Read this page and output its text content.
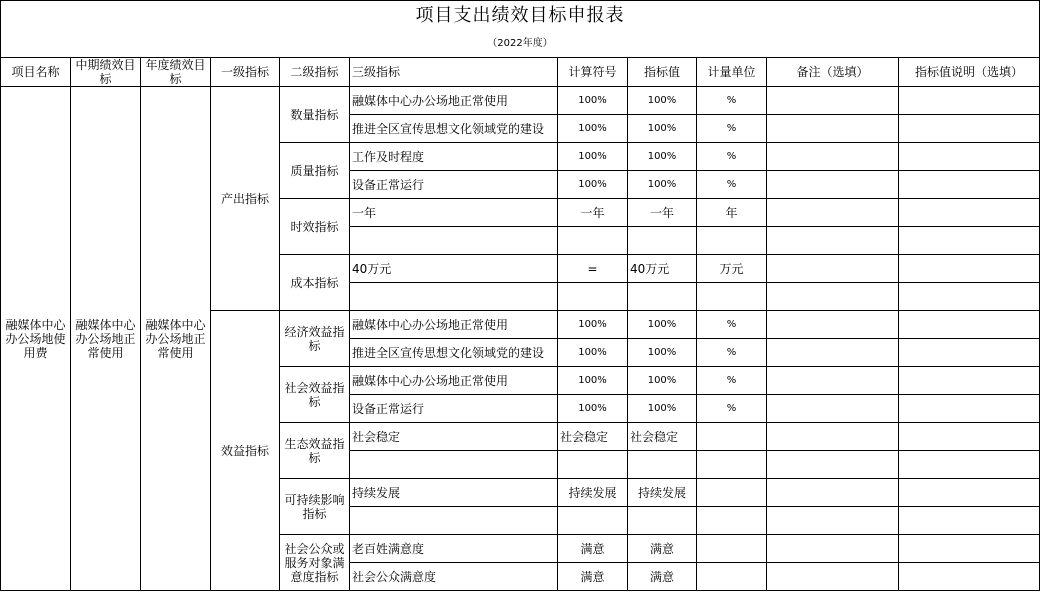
项目支出绩效目标申报表										
（2022年度）										
项目名称	中期绩效目标	年度绩效目标	一级指标	二级指标	三级指标	计算符号	指标值	计量单位	备注（选填）	指标值说明（选填）
融媒体中心办公场地使用费	融媒体中心办公场地正常使用	融媒体中心办公场地正常使用	产出指标	数量指标	融媒体中心办公场地正常使用	100%	100%	%		
					推进全区宣传思想文化领域党的建设	100%	100%	%		
				质量指标	工作及时程度	100%	100%	%		
					设备正常运行	100%	100%	%		
				时效指标	一年	一年	一年	年		

				成本指标	40万元	=	40万元	万元		

			效益指标	经济效益指标	融媒体中心办公场地正常使用	100%	100%	%		
					推进全区宣传思想文化领域党的建设	100%	100%	%		
				社会效益指标	融媒体中心办公场地正常使用	100%	100%	%		
					设备正常运行	100%	100%	%		
				生态效益指标	社会稳定	社会稳定	社会稳定			

				可持续影响指标	持续发展	持续发展	持续发展			

				社会公众或服务对象满意度指标	老百姓满意度	满意	满意			
					社会公众满意度	满意	满意			
